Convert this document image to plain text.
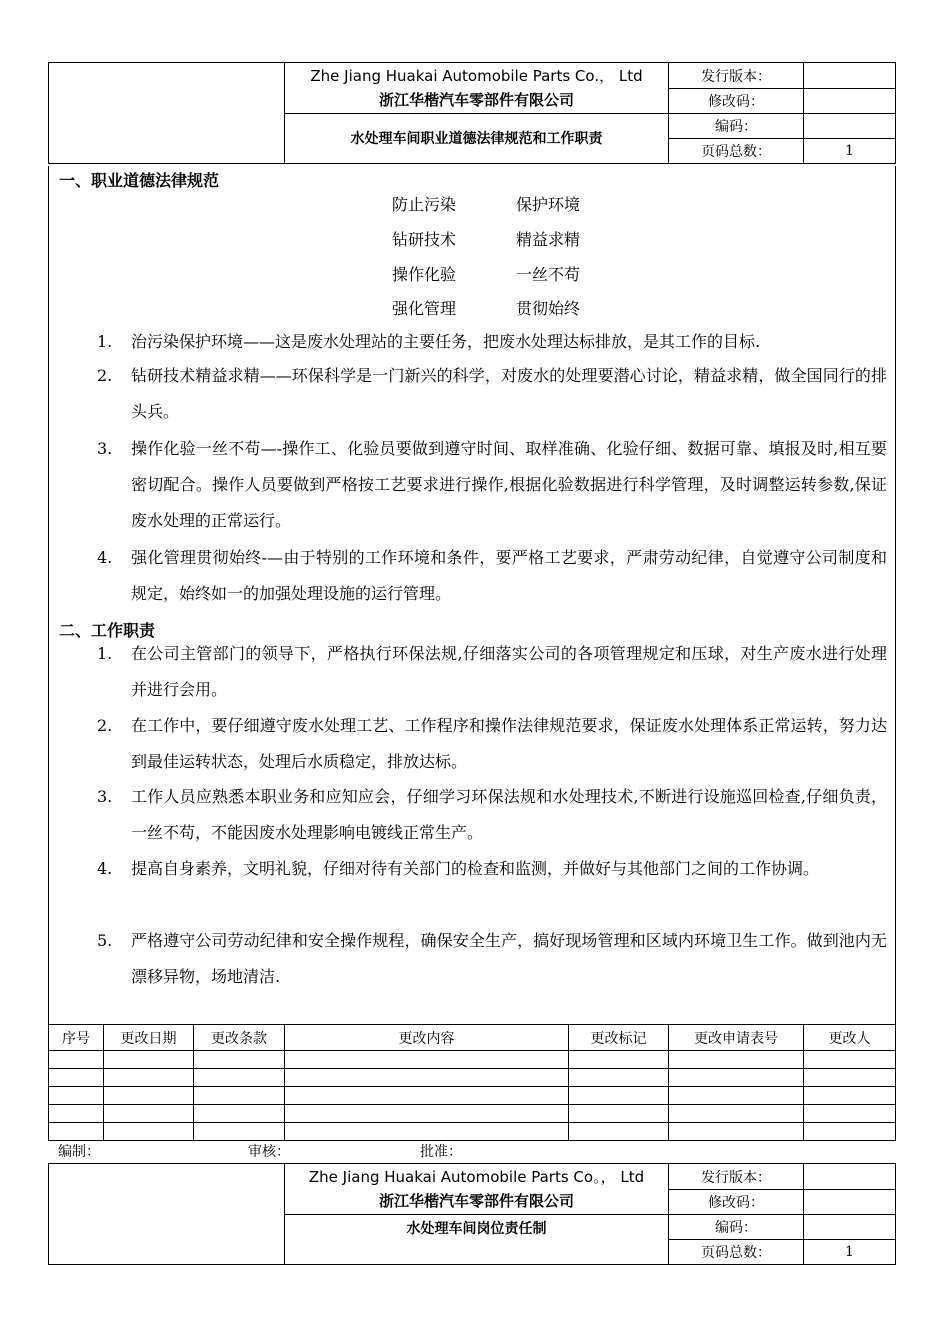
	Zhe Jiang Huakai Automobile Parts Co.， Ltd
浙江华楷汽车零部件有限公司	发行版本：	
		修改码：	
	水处理车间职业道德法律规范和工作职责	编码：	
		页码总数：	1
一、职业道德法律规范
防止污染	保护环境
钻研技术	精益求精
操作化验	一丝不苟
强化管理	贯彻始终
1.	治污染保护环境——这是废水处理站的主要任务，把废水处理达标排放，是其工作的目标.
2.	钻研技术精益求精——环保科学是一门新兴的科学，对废水的处理要潜心讨论，精益求精，做全国同行的排头兵。
3.	操作化验一丝不苟—-操作工、化验员要做到遵守时间、取样准确、化验仔细、数据可靠、填报及时,相互要密切配合。操作人员要做到严格按工艺要求进行操作,根据化验数据进行科学管理，及时调整运转参数,保证废水处理的正常运行。
4.	强化管理贯彻始终-—由于特别的工作环境和条件，要严格工艺要求，严肃劳动纪律，自觉遵守公司制度和规定，始终如一的加强处理设施的运行管理。
二、工作职责
1.	在公司主管部门的领导下，严格执行环保法规,仔细落实公司的各项管理规定和压球，对生产废水进行处理并进行会用。
2.	在工作中，要仔细遵守废水处理工艺、工作程序和操作法律规范要求，保证废水处理体系正常运转，努力达到最佳运转状态，处理后水质稳定，排放达标。
3.	工作人员应熟悉本职业务和应知应会，仔细学习环保法规和水处理技术,不断进行设施巡回检查,仔细负责，一丝不苟，不能因废水处理影响电镀线正常生产。
4.	提高自身素养，文明礼貌，仔细对待有关部门的检查和监测，并做好与其他部门之间的工作协调。
5.	严格遵守公司劳动纪律和安全操作规程，确保安全生产，搞好现场管理和区域内环境卫生工作。做到池内无漂移异物，场地清洁.
序号	更改日期	更改条款	更改内容	更改标记	更改申请表号	更改人

编制：	审核：	批准：

	Zhe Jiang Huakai Automobile Parts Co。， Ltd
浙江华楷汽车零部件有限公司	发行版本：	
		修改码：	
	水处理车间岗位责任制	编码：	
		页码总数：	1
